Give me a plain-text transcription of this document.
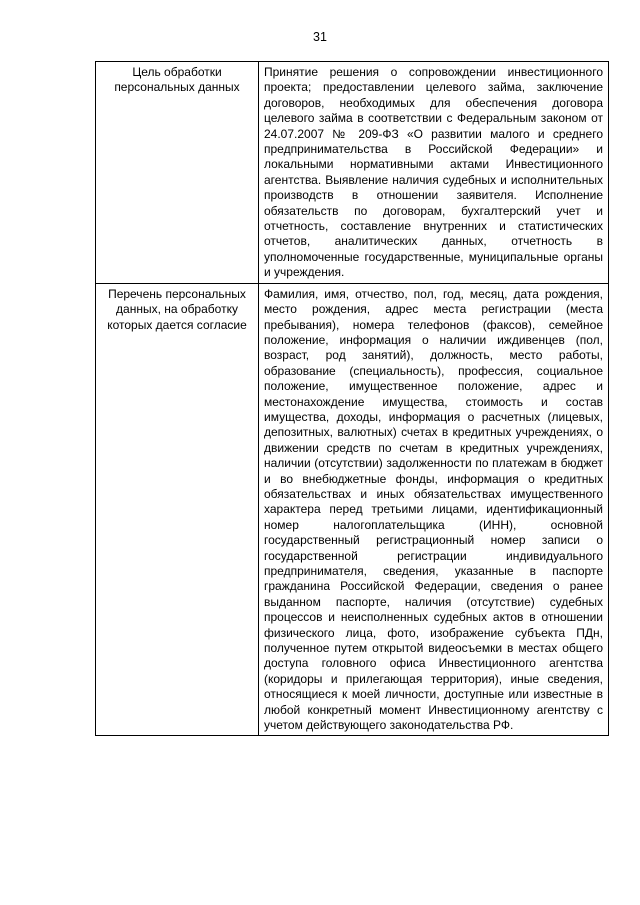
31
Цель обработки персональных данных	Принятие решения о сопровождении инвестиционного проекта; предоставлении целевого займа, заключение договоров, необходимых для обеспечения договора целевого займа в соответствии с Федеральным законом от 24.07.2007 № 209-ФЗ «О развитии малого и среднего предпринимательства в Российской Федерации» и локальными нормативными актами Инвестиционного агентства. Выявление наличия судебных и исполнительных производств в отношении заявителя. Исполнение обязательств по договорам, бухгалтерский учет и отчетность, составление внутренних и статистических отчетов, аналитических данных, отчетность в уполномоченные государственные, муниципальные органы и учреждения.
Перечень персональных данных, на обработку которых дается согласие	Фамилия, имя, отчество, пол, год, месяц, дата рождения, место рождения, адрес места регистрации (места пребывания), номера телефонов (факсов), семейное положение, информация о наличии иждивенцев (пол, возраст, род занятий), должность, место работы, образование (специальность), профессия, социальное положение, имущественное положение, адрес и местонахождение имущества, стоимость и состав имущества, доходы, информация о расчетных (лицевых, депозитных, валютных) счетах в кредитных учреждениях, о движении средств по счетам в кредитных учреждениях, наличии (отсутствии) задолженности по платежам в бюджет и во внебюджетные фонды, информация о кредитных обязательствах и иных обязательствах имущественного характера перед третьими лицами, идентификационный номер налогоплательщика (ИНН), основной государственный регистрационный номер записи о государственной регистрации индивидуального предпринимателя, сведения, указанные в паспорте гражданина Российской Федерации, сведения о ранее выданном паспорте, наличия (отсутствие) судебных процессов и неисполненных судебных актов в отношении физического лица, фото, изображение субъекта ПДн, полученное путем открытой видеосъемки в местах общего доступа головного офиса Инвестиционного агентства (коридоры и прилегающая территория), иные сведения, относящиеся к моей личности, доступные или известные в любой конкретный момент Инвестиционному агентству с учетом действующего законодательства РФ.
